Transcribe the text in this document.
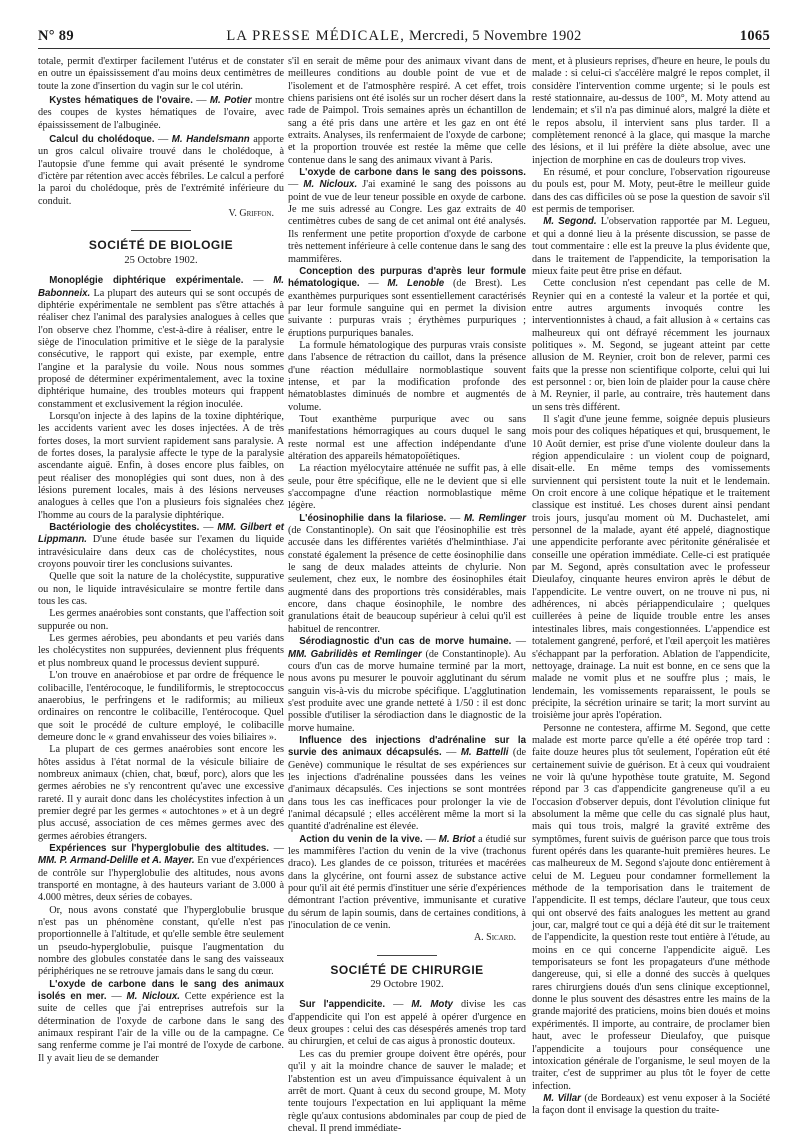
N° 89	LA PRESSE MÉDICALE, Mercredi, 5 Novembre 1902	1065

totale, permit d'extirper facilement l'utérus et de constater en outre un épaississement d'au moins deux centimètres de toute la zone d'insertion du vagin sur le col utérin.

Kystes hématiques de l'ovaire. — M. Potier montre des coupes de kystes hématiques de l'ovaire, avec épaississement de l'albuginée.

Calcul du cholédoque. — M. Handelsmann apporte un gros calcul olivaire trouvé dans le cholédoque, à l'autopsie d'une femme qui avait présenté le syndrome d'ictère par rétention avec accès fébriles. Le calcul a perforé la paroi du cholédoque, près de l'extrémité inférieure du conduit.

V. Griffon.

SOCIÉTÉ DE BIOLOGIE
25 Octobre 1902.

Monoplégie diphtérique expérimentale. — M. Babonneix. La plupart des auteurs qui se sont occupés de diphtérie expérimentale ne semblent pas s'être attachés à réaliser chez l'animal des paralysies analogues à celles que l'on observe chez l'homme, c'est-à-dire à réaliser, entre le siège de l'inoculation primitive et le siège de la paralysie consécutive, le rapport qui existe, par exemple, entre l'angine et la paralysie du voile. Nous nous sommes proposé de déterminer expérimentalement, avec la toxine diphtérique humaine, des troubles moteurs qui frappent constamment et exclusivement la région inoculée.

Lorsqu'on injecte à des lapins de la toxine diphtérique, les accidents varient avec les doses injectées. A de très fortes doses, la mort survient rapidement sans paralysie. A de fortes doses, la paralysie affecte le type de la paralysie ascendante aiguë. Enfin, à doses encore plus faibles, on peut réaliser des monoplégies qui sont dues, non à des lésions purement locales, mais à des lésions nerveuses analogues à celles que l'on a plusieurs fois signalées chez l'homme au cours de la paralysie diphtérique.

Bactériologie des cholécystites. — MM. Gilbert et Lippmann. D'une étude basée sur l'examen du liquide intravésiculaire dans deux cas de cholécystites, nous croyons pouvoir tirer les conclusions suivantes.

Quelle que soit la nature de la cholécystite, suppurative ou non, le liquide intravésiculaire se montre fertile dans tous les cas.

Les germes anaérobies sont constants, que l'affection soit suppurée ou non.

Les germes aérobies, peu abondants et peu variés dans les cholécystites non suppurées, deviennent plus fréquents et plus nombreux quand le processus devient suppuré.

L'on trouve en anaérobiose et par ordre de fréquence le colibacille, l'entérocoque, le fundiliformis, le streptococcus anaerobius, le perfringens et le radiformis; au milieux ordinaires on rencontre le colibacille, l'entérocoque. Quel que soit le procédé de culture employé, le colibacille demeure donc le « grand envahisseur des voies biliaires ».

La plupart de ces germes anaérobies sont encore les hôtes assidus à l'état normal de la vésicule biliaire de nombreux animaux (chien, chat, bœuf, porc), alors que les germes aérobies ne s'y rencontrent qu'avec une excessive rareté. Il y aurait donc dans les cholécystites infection à un premier degré par les germes « autochtones » et à un degré plus accusé, association de ces mêmes germes avec des germes aérobies étrangers.

Expériences sur l'hyperglobulie des altitudes. — MM. P. Armand-Delille et A. Mayer. En vue d'expériences de contrôle sur l'hyperglobulie des altitudes, nous avons transporté en montagne, à des hauteurs variant de 3.000 à 4.000 mètres, deux séries de cobayes.

Or, nous avons constaté que l'hyperglobulie brusque n'est pas un phénomène constant, qu'elle n'est pas proportionnelle à l'altitude, et qu'elle semble être seulement un pseudo-hyperglobulie, puisque l'augmentation du nombre des globules constatée dans le sang des vaisseaux périphériques ne se retrouve jamais dans le sang du cœur.

L'oxyde de carbone dans le sang des animaux isolés en mer. — M. Nicloux. Cette expérience est la suite de celles que j'ai entreprises autrefois sur la détermination de l'oxyde de carbone dans le sang des animaux respirant l'air de la ville ou de la campagne. Ce sang renferme comme je l'ai montré de l'oxyde de carbone. Il y avait lieu de se demander

s'il en serait de même pour des animaux vivant dans de meilleures conditions au double point de vue et de l'isolement et de l'atmosphère respiré. A cet effet, trois chiens parisiens ont été isolés sur un rocher désert dans la rade de Paimpol. Trois semaines après un échantillon de sang a été pris dans une artère et les gaz en ont été extraits. Analyses, ils renfermaient de l'oxyde de carbone; et la proportion trouvée est restée la même que celle contenue dans le sang des animaux vivant à Paris.

L'oxyde de carbone dans le sang des poissons. — M. Nicloux. J'ai examiné le sang des poissons au point de vue de leur teneur possible en oxyde de carbone. Je me suis adressé au Congre. Les gaz extraits de 40 centimètres cubes de sang de cet animal ont été analysés. Ils renferment une petite proportion d'oxyde de carbone très nettement inférieure à celle contenue dans le sang des mammifères.

Conception des purpuras d'après leur formule hématologique. — M. Lenoble (de Brest). Les exanthèmes purpuriques sont essentiellement caractérisés par leur formule sanguine qui en permet la division suivante : purpuras vrais ; érythèmes purpuriques ; éruptions purpuriques banales.

La formule hématologique des purpuras vrais consiste dans l'absence de rétraction du caillot, dans la présence d'une réaction médullaire normoblastique souvent intense, et par la modification profonde des hématoblastes diminués de nombre et augmentés de volume.

Tout exanthème purpurique avec ou sans manifestations hémorragiques au cours duquel le sang reste normal est une affection indépendante d'une altération des appareils hématopoïétiques.

La réaction myélocytaire atténuée ne suffit pas, à elle seule, pour être spécifique, elle ne le devient que si elle s'accompagne d'une réaction normoblastique même légère.

L'éosinophilie dans la filariose. — M. Remlinger (de Constantinople). On sait que l'éosinophilie est très accusée dans les différentes variétés d'helminthiase. J'ai constaté également la présence de cette éosinophilie dans le sang de deux malades atteints de chylurie. Non seulement, chez eux, le nombre des éosinophiles était augmenté dans des proportions très considérables, mais encore, dans chaque éosinophile, le nombre des granulations était de beaucoup supérieur à celui qu'il est habituel de rencontrer.

Sérodiagnostic d'un cas de morve humaine. — MM. Gabrilidès et Remlinger (de Constantinople). Au cours d'un cas de morve humaine terminé par la mort, nous avons pu mesurer le pouvoir agglutinant du sérum sanguin vis-à-vis du microbe spécifique. L'agglutination s'est produite avec une grande netteté à 1/50 : il est donc possible d'utiliser la sérodiaction dans le diagnostic de la morve humaine.

Influence des injections d'adrénaline sur la survie des animaux décapsulés. — M. Battelli (de Genève) communique le résultat de ses expériences sur les injections d'adrénaline poussées dans les veines d'animaux décapsulés. Ces injections se sont montrées dans tous les cas inefficaces pour prolonger la vie de l'animal décapsulé ; elles accélèrent même la mort si la quantité d'adrénaline est élevée.

Action du venin de la vive. — M. Briot a étudié sur les mammifères l'action du venin de la vive (trachonus draco). Les glandes de ce poisson, triturées et macérées dans la glycérine, ont fourni assez de substance active pour qu'il ait été permis d'instituer une série d'expériences démontrant l'action préventive, immunisante et curative du sérum de lapin soumis, dans de certaines conditions, à l'inoculation de ce venin.

A. Sicard.

SOCIÉTÉ DE CHIRURGIE
29 Octobre 1902.

Sur l'appendicite. — M. Moty divise les cas d'appendicite qui l'on est appelé à opérer d'urgence en deux groupes : celui des cas désespérés amenés trop tard au chirurgien, et celui de cas aigus à pronostic douteux.

Les cas du premier groupe doivent être opérés, pour qu'il y ait la moindre chance de sauver le malade; et l'abstention est un aveu d'impuissance équivalent à un arrêt de mort. Quant à ceux du second groupe, M. Moty tente toujours l'expectation en lui appliquant la même règle qu'aux contusions abdominales par coup de pied de cheval. Il prend immédiate-

ment, et à plusieurs reprises, d'heure en heure, le pouls du malade : si celui-ci s'accélère malgré le repos complet, il considère l'intervention comme urgente; si le pouls est resté stationnaire, au-dessus de 100°, M. Moty attend au lendemain; et s'il n'a pas diminué alors, malgré la diète et le repos absolu, il intervient sans plus tarder. Il a complètement renoncé à la glace, qui masque la marche des lésions, et il lui préfère la diète absolue, avec une injection de morphine en cas de douleurs trop vives.

En résumé, et pour conclure, l'observation rigoureuse du pouls est, pour M. Moty, peut-être le meilleur guide dans des cas difficiles où se pose la question de savoir s'il est permis de temporiser.

M. Segond. L'observation rapportée par M. Legueu, et qui a donné lieu à la présente discussion, se passe de tout commentaire : elle est la preuve la plus évidente que, dans le traitement de l'appendicite, la temporisation la mieux faite peut être prise en défaut.

Cette conclusion n'est cependant pas celle de M. Reynier qui en a contesté la valeur et la portée et qui, entre autres arguments invoqués contre les interventionnistes à chaud, a fait allusion à « certains cas malheureux qui ont défrayé récemment les journaux politiques ». M. Segond, se jugeant atteint par cette allusion de M. Reynier, croit bon de relever, parmi ces faits que la presse non scientifique colporte, celui qui lui est personnel : or, bien loin de plaider pour la cause chère à M. Reynier, il parle, au contraire, très hautement dans un sens très différent.

Il s'agit d'une jeune femme, soignée depuis plusieurs mois pour des coliques hépatiques et qui, brusquement, le 10 Août dernier, est prise d'une violente douleur dans la région appendiculaire : un violent coup de poignard, disait-elle. En même temps des vomissements surviennent qui persistent toute la nuit et le lendemain. On croit encore à une colique hépatique et le traitement classique est institué. Les choses durent ainsi pendant trois jours, jusqu'au moment où M. Duchastelet, ami personnel de la malade, ayant été appelé, diagnostique une appendicite perforante avec péritonite généralisée et conseille une opération immédiate. Celle-ci est pratiquée par M. Segond, après consultation avec le professeur Dieulafoy, cinquante heures environ après le début de l'appendicite. Le ventre ouvert, on ne trouve ni pus, ni adhérences, ni abcès périappendiculaire ; quelques cuillerées à peine de liquide trouble entre les anses intestinales libres, mais congestionnées. L'appendice est totalement gangrené, perforé, et l'œil aperçoit les matières s'échappant par la perforation. Ablation de l'appendicite, nettoyage, drainage. La nuit est bonne, en ce sens que la malade ne vomit plus et ne souffre plus ; mais, le lendemain, les vomissements reparaissent, le pouls se précipite, la sécrétion urinaire se tarit; la mort survint au troisième jour après l'opération.

Personne ne contestera, affirme M. Segond, que cette malade est morte parce qu'elle a été opérée trop tard : faite douze heures plus tôt seulement, l'opération eût été certainement suivie de guérison. Et à ceux qui voudraient ne voir là qu'une hypothèse toute gratuite, M. Segond répond par 3 cas d'appendicite gangreneuse qu'il a eu l'occasion d'observer depuis, dont l'évolution clinique fut absolument la même que celle du cas signalé plus haut, mais qui tous trois, malgré la gravité extrême des symptômes, furent suivis de guérison parce que tous trois furent opérés dans les quarante-huit premières heures. Le cas malheureux de M. Segond s'ajoute donc entièrement à celui de M. Legueu pour condamner formellement la méthode de la temporisation dans le traitement de l'appendicite. Il est temps, déclare l'auteur, que tous ceux qui ont observé des faits analogues les mettent au grand jour, car, malgré tout ce qui a déjà été dit sur le traitement de l'appendicite, la question reste tout entière à l'étude, au moins en ce qui concerne l'appendicite aiguë. Les temporisateurs se font les propagateurs d'une méthode dangereuse, qui, si elle a donné des succès à quelques rares chirurgiens doués d'un sens clinique exceptionnel, donne le plus souvent des désastres entre les mains de la grande majorité des praticiens, moins bien doués et moins expérimentés. Il importe, au contraire, de proclamer bien haut, avec le professeur Dieulafoy, que puisque l'appendicite a toujours pour conséquence une intoxication générale de l'organisme, le seul moyen de la traiter, c'est de supprimer au plus tôt le foyer de cette infection.

M. Villar (de Bordeaux) est venu exposer à la Société la façon dont il envisage la question du traite-
